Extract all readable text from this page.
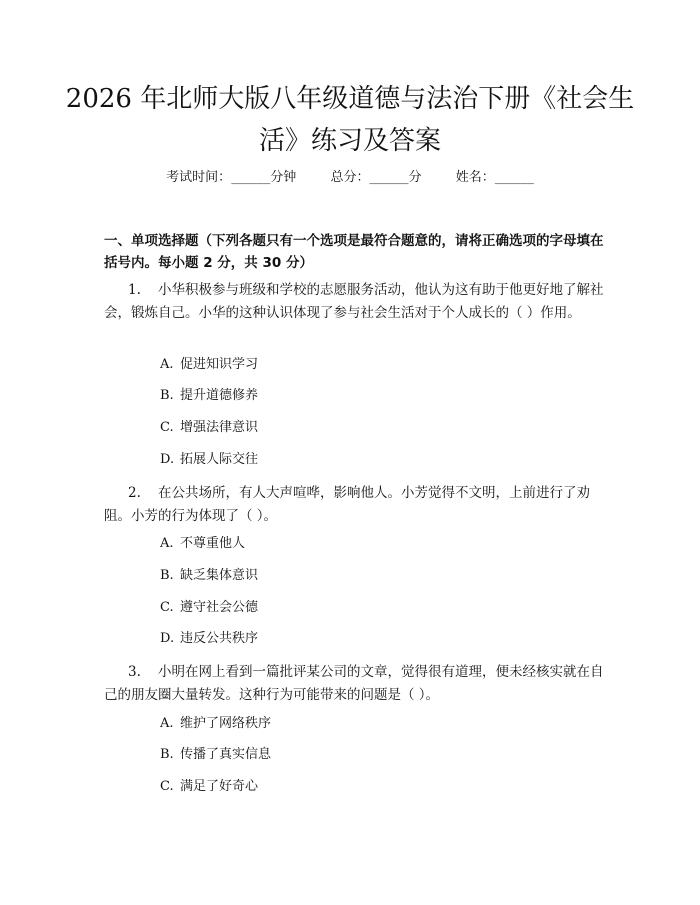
2026 年北师大版八年级道德与法治下册《社会生活》练习及答案
考试时间：______分钟	总分：______分	姓名：______
一、单项选择题（下列各题只有一个选项是最符合题意的，请将正确选项的字母填在括号内。每小题 2 分，共 30 分）
1. 小华积极参与班级和学校的志愿服务活动，他认为这有助于他更好地了解社会，锻炼自己。小华的这种认识体现了参与社会生活对于个人成长的（ ）作用。
A. 促进知识学习
B. 提升道德修养
C. 增强法律意识
D. 拓展人际交往
2. 在公共场所，有人大声喧哗，影响他人。小芳觉得不文明，上前进行了劝阻。小芳的行为体现了（ ）。
A. 不尊重他人
B. 缺乏集体意识
C. 遵守社会公德
D. 违反公共秩序
3. 小明在网上看到一篇批评某公司的文章，觉得很有道理，便未经核实就在自己的朋友圈大量转发。这种行为可能带来的问题是（ ）。
A. 维护了网络秩序
B. 传播了真实信息
C. 满足了好奇心
